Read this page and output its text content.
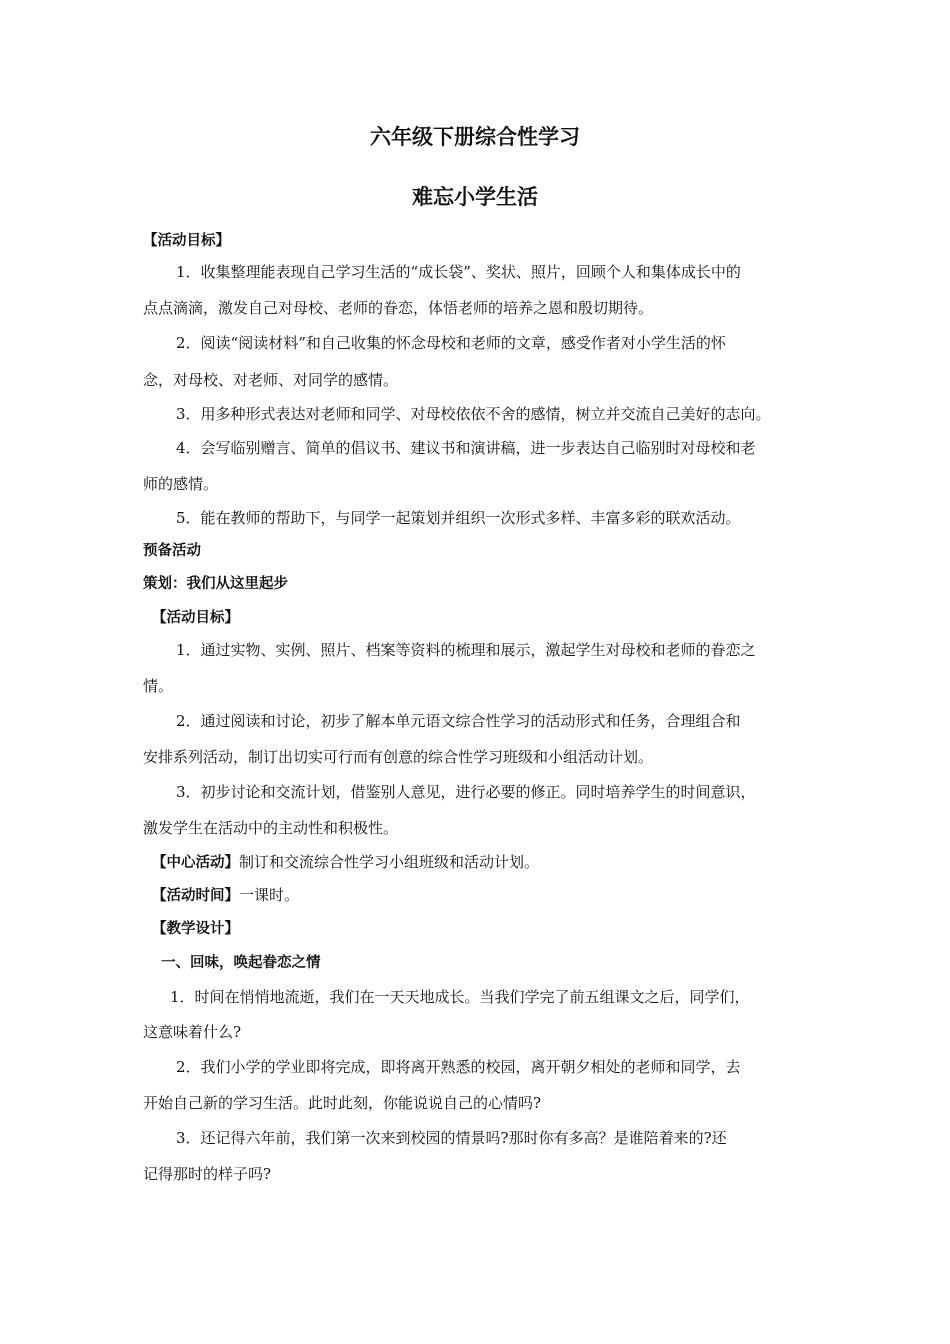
六年级下册综合性学习
难忘小学生活
【活动目标】
1．收集整理能表现自己学习生活的“成长袋”、奖状、照片，回顾个人和集体成长中的
点点滴滴，激发自己对母校、老师的眷恋，体悟老师的培养之恩和殷切期待。
2．阅读“阅读材料”和自己收集的怀念母校和老师的文章，感受作者对小学生活的怀
念，对母校、对老师、对同学的感情。
3．用多种形式表达对老师和同学、对母校依依不舍的感情，树立并交流自己美好的志向。
4．会写临别赠言、简单的倡议书、建议书和演讲稿，进一步表达自己临别时对母校和老
师的感情。
5．能在教师的帮助下，与同学一起策划并组织一次形式多样、丰富多彩的联欢活动。
预备活动
策划：我们从这里起步
【活动目标】
1．通过实物、实例、照片、档案等资料的梳理和展示，激起学生对母校和老师的眷恋之
情。
2．通过阅读和讨论，初步了解本单元语文综合性学习的活动形式和任务，合理组合和
安排系列活动，制订出切实可行而有创意的综合性学习班级和小组活动计划。
3．初步讨论和交流计划，借鉴别人意见，进行必要的修正。同时培养学生的时间意识，
激发学生在活动中的主动性和积极性。
【中心活动】制订和交流综合性学习小组班级和活动计划。
【活动时间】一课时。
【教学设计】
一、回味，唤起眷恋之情
1．时间在悄悄地流逝，我们在一天天地成长。当我们学完了前五组课文之后，同学们，
这意味着什么?
2．我们小学的学业即将完成，即将离开熟悉的校园，离开朝夕相处的老师和同学，去
开始自己新的学习生活。此时此刻，你能说说自己的心情吗?
3．还记得六年前，我们第一次来到校园的情景吗?那时你有多高？是谁陪着来的?还
记得那时的样子吗?
